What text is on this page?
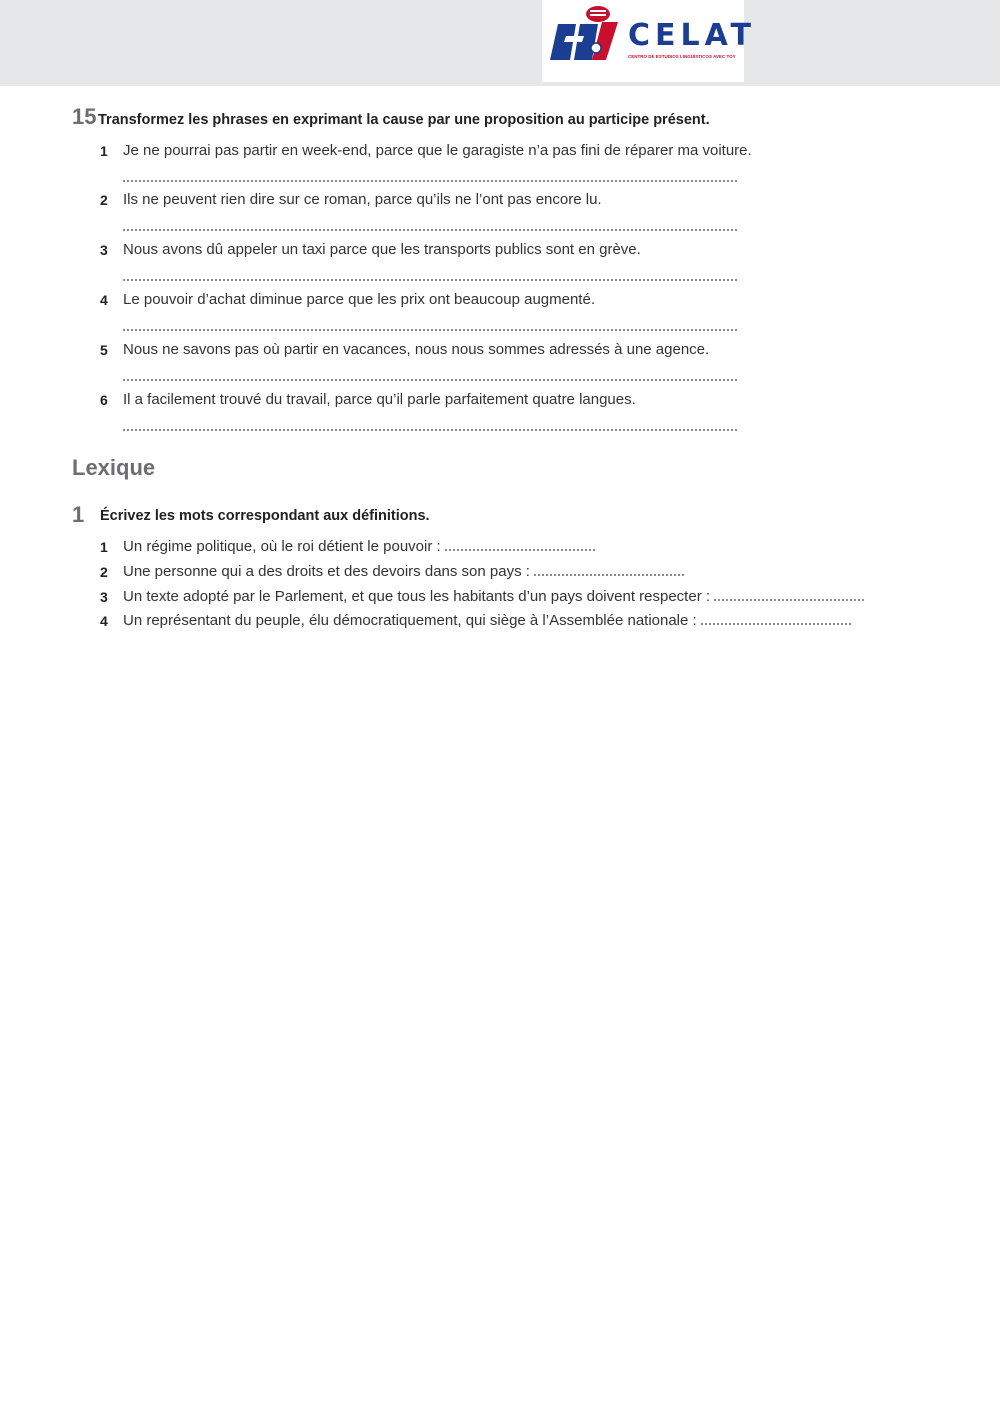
CELAT
CENTRO DE ESTUDIOS LINGÜÍSTICOS AVEC TOY
15 Transformez les phrases en exprimant la cause par une proposition au participe présent.
1 Je ne pourrai pas partir en week-end, parce que le garagiste n’a pas fini de réparer ma voiture.
2 Ils ne peuvent rien dire sur ce roman, parce qu’ils ne l’ont pas encore lu.
3 Nous avons dû appeler un taxi parce que les transports publics sont en grève.
4 Le pouvoir d’achat diminue parce que les prix ont beaucoup augmenté.
5 Nous ne savons pas où partir en vacances, nous nous sommes adressés à une agence.
6 Il a facilement trouvé du travail, parce qu’il parle parfaitement quatre langues.
Lexique
1 Écrivez les mots correspondant aux définitions.
1 Un régime politique, où le roi détient le pouvoir :
2 Une personne qui a des droits et des devoirs dans son pays :
3 Un texte adopté par le Parlement, et que tous les habitants d’un pays doivent respecter :
4 Un représentant du peuple, élu démocratiquement, qui siège à l’Assemblée nationale :
